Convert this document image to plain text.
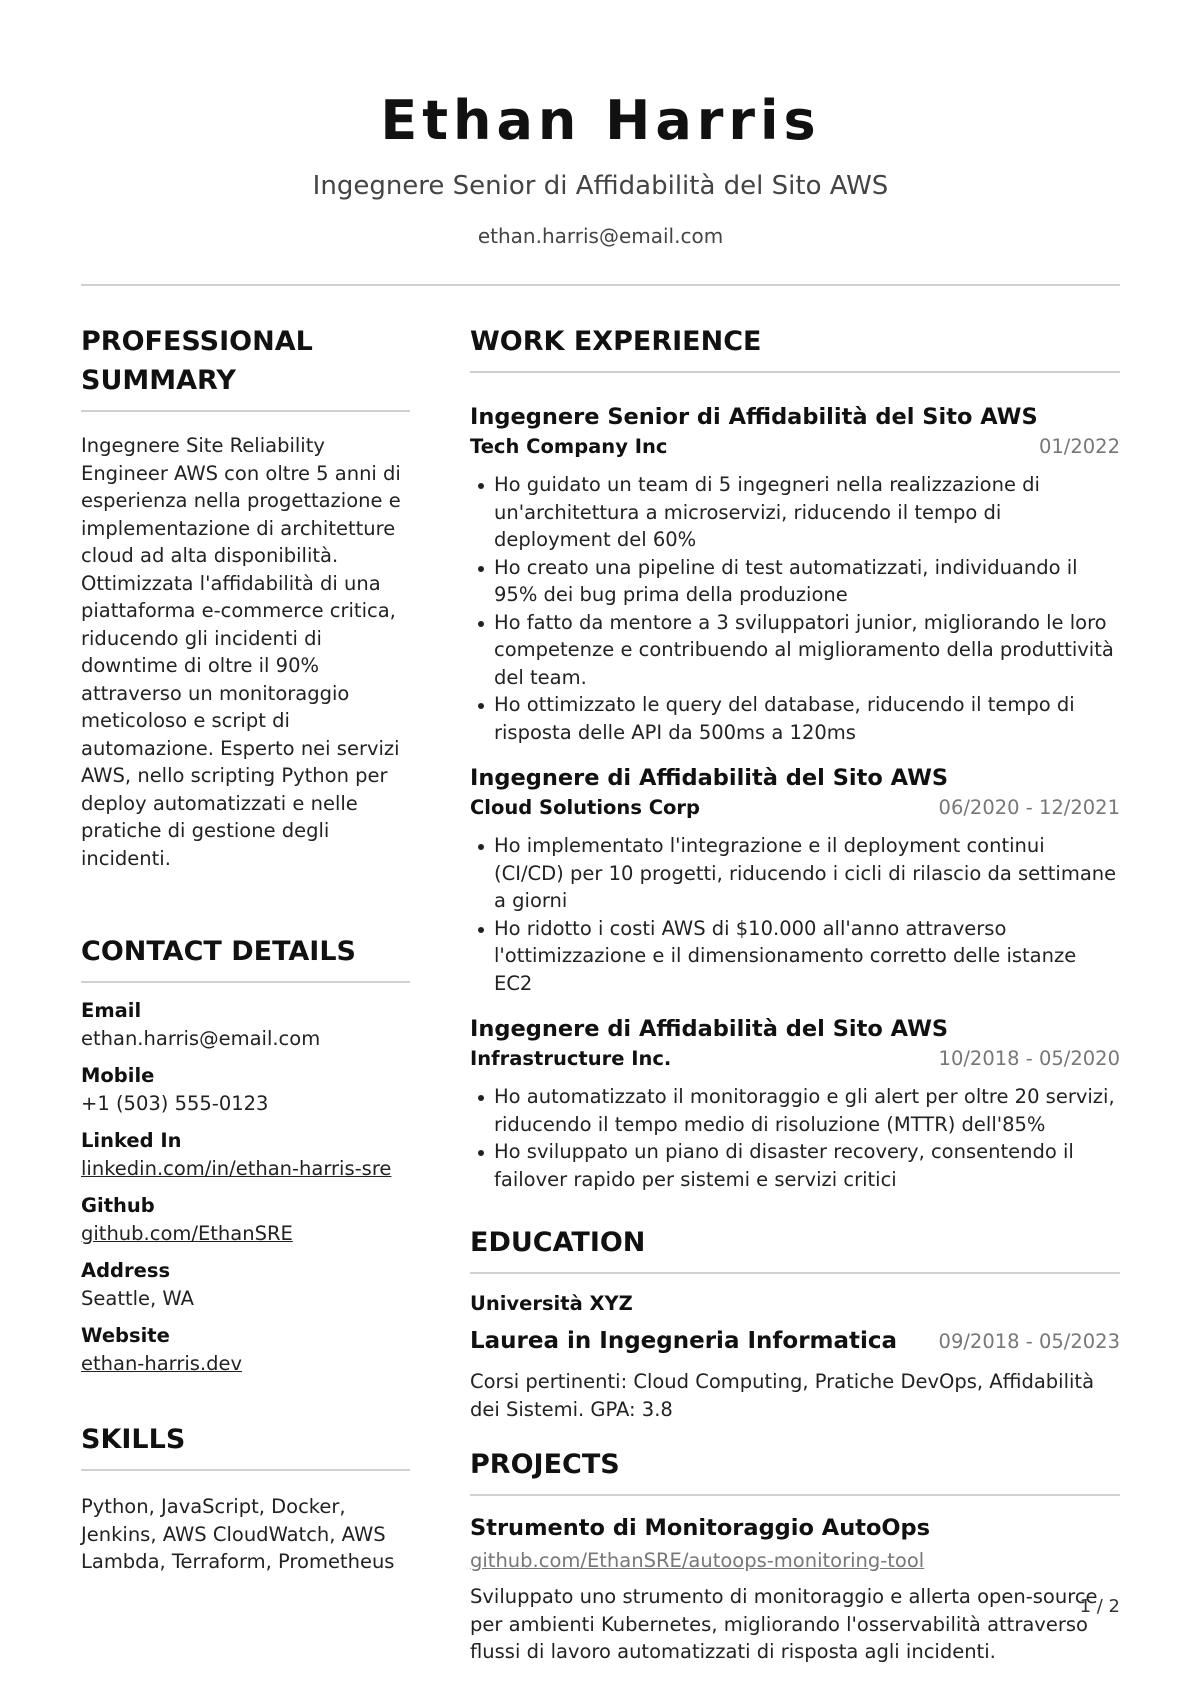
Ethan Harris
Ingegnere Senior di Affidabilità del Sito AWS
ethan.harris@email.com
PROFESSIONAL SUMMARY
Ingegnere Site Reliability Engineer AWS con oltre 5 anni di esperienza nella progettazione e implementazione di architetture cloud ad alta disponibilità. Ottimizzata l'affidabilità di una piattaforma e-commerce critica, riducendo gli incidenti di downtime di oltre il 90% attraverso un monitoraggio meticoloso e script di automazione. Esperto nei servizi AWS, nello scripting Python per deploy automatizzati e nelle pratiche di gestione degli incidenti.
CONTACT DETAILS
Email
ethan.harris@email.com
Mobile
+1 (503) 555-0123
Linked In
linkedin.com/in/ethan-harris-sre
Github
github.com/EthanSRE
Address
Seattle, WA
Website
ethan-harris.dev
SKILLS
Python, JavaScript, Docker, Jenkins, AWS CloudWatch, AWS Lambda, Terraform, Prometheus
WORK EXPERIENCE
Ingegnere Senior di Affidabilità del Sito AWS
Tech Company Inc	01/2022
Ho guidato un team di 5 ingegneri nella realizzazione di un'architettura a microservizi, riducendo il tempo di deployment del 60%
Ho creato una pipeline di test automatizzati, individuando il 95% dei bug prima della produzione
Ho fatto da mentore a 3 sviluppatori junior, migliorando le loro competenze e contribuendo al miglioramento della produttività del team.
Ho ottimizzato le query del database, riducendo il tempo di risposta delle API da 500ms a 120ms
Ingegnere di Affidabilità del Sito AWS
Cloud Solutions Corp	06/2020 - 12/2021
Ho implementato l'integrazione e il deployment continui (CI/CD) per 10 progetti, riducendo i cicli di rilascio da settimane a giorni
Ho ridotto i costi AWS di $10.000 all'anno attraverso l'ottimizzazione e il dimensionamento corretto delle istanze EC2
Ingegnere di Affidabilità del Sito AWS
Infrastructure Inc.	10/2018 - 05/2020
Ho automatizzato il monitoraggio e gli alert per oltre 20 servizi, riducendo il tempo medio di risoluzione (MTTR) dell'85%
Ho sviluppato un piano di disaster recovery, consentendo il failover rapido per sistemi e servizi critici
EDUCATION
Università XYZ
Laurea in Ingegneria Informatica 09/2018 - 05/2023
Corsi pertinenti: Cloud Computing, Pratiche DevOps, Affidabilità dei Sistemi. GPA: 3.8
PROJECTS
Strumento di Monitoraggio AutoOps
github.com/EthanSRE/autoops-monitoring-tool
Sviluppato uno strumento di monitoraggio e allerta open-source per ambienti Kubernetes, migliorando l'osservabilità attraverso flussi di lavoro automatizzati di risposta agli incidenti.
1 / 2
